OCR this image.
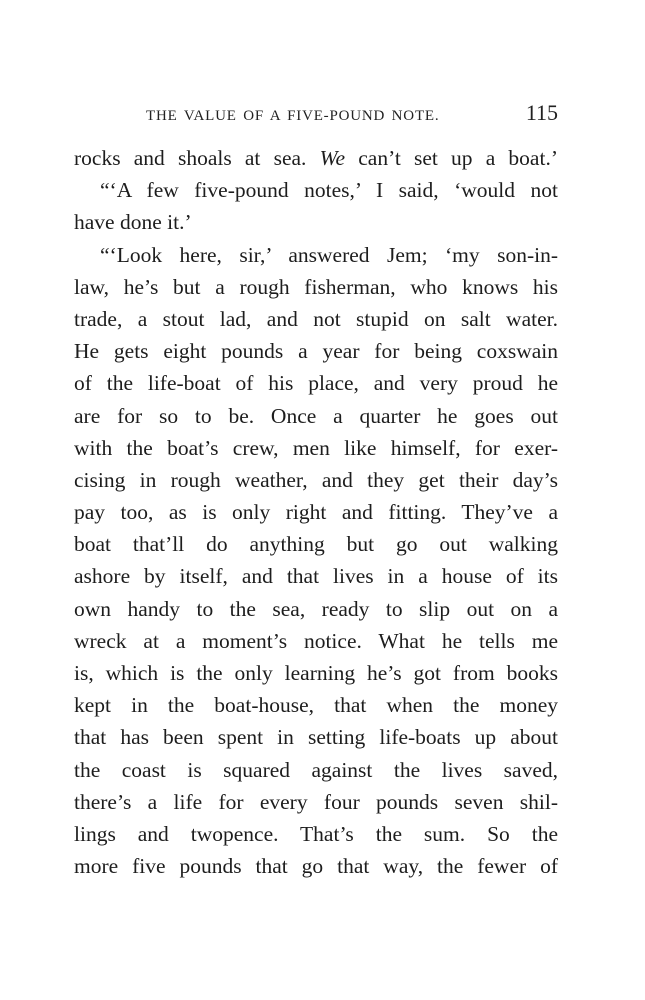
THE VALUE OF A FIVE-POUND NOTE.	115
rocks and shoals at sea. We can’t set up a boat.’
“‘A few five-pound notes,’ I said, ‘would not
have done it.’
“‘Look here, sir,’ answered Jem; ‘my son-in-
law, he’s but a rough fisherman, who knows his
trade, a stout lad, and not stupid on salt water.
He gets eight pounds a year for being coxswain
of the life-boat of his place, and very proud he
are for so to be. Once a quarter he goes out
with the boat’s crew, men like himself, for exer-
cising in rough weather, and they get their day’s
pay too, as is only right and fitting. They’ve a
boat that’ll do anything but go out walking
ashore by itself, and that lives in a house of its
own handy to the sea, ready to slip out on a
wreck at a moment’s notice. What he tells me
is, which is the only learning he’s got from books
kept in the boat-house, that when the money
that has been spent in setting life-boats up about
the coast is squared against the lives saved,
there’s a life for every four pounds seven shil-
lings and twopence. That’s the sum. So the
more five pounds that go that way, the fewer of
